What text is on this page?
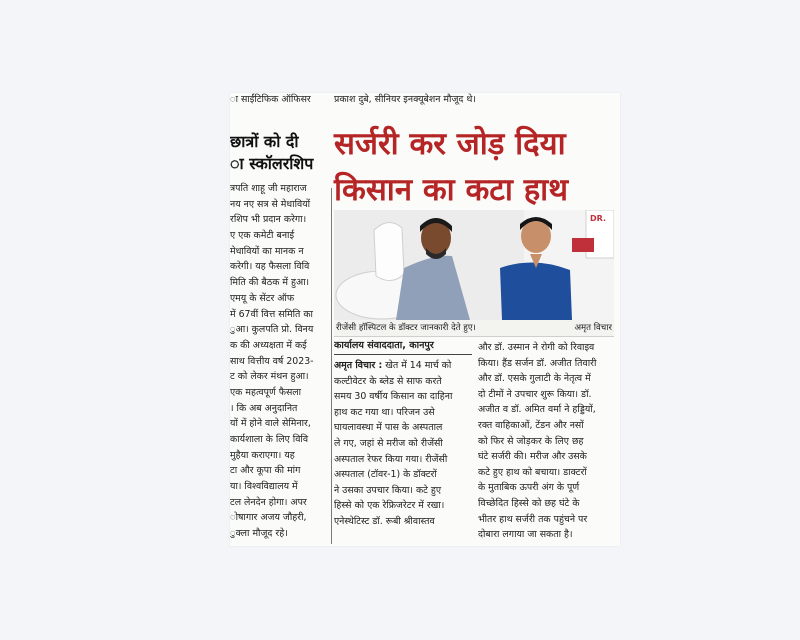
ा साईंटिफिक ऑफिसर
छात्रों को दी
ा स्कॉलरशिप
त्रपति शाहू जी महाराज
नय नए सत्र से मेधावियों
रशिप भी प्रदान करेगा।
ए एक कमेटी बनाई
मेधावियों का मानक न
करेगी। यह फैसला विवि
मिति की बैठक में हुआ।
एमयू के सेंटर ऑफ
में 67वीं वित्त समिति का
ुआ। कुलपति प्रो. विनय
क की अध्यक्षता में कई
साथ वित्तीय वर्ष 2023-
ट को लेकर मंथन हुआ।
एक महत्वपूर्ण फैसला
। कि अब अनुदानित
यों में होने वाले सेमिनार,
कार्यशाला के लिए विवि
मुहैया कराएगा। यह
टा और कूपा की मांग
या। विश्वविद्यालय में
टल लेनदेन होगा। अपर
ोषागार अजय जौहरी,
ुक्ला मौजूद रहे।
प्रकाश दुबे, सीनियर इनक्यूबेशन मौजूद थे।
सर्जरी कर जोड़ दिया
किसान का कटा हाथ
DR.
रीजेंसी हॉस्पिटल के डॉक्टर जानकारी देते हुए।	अमृत विचार
कार्यालय संवाददाता, कानपुर
अमृत विचार : खेत में 14 मार्च को
कल्टीवेटर के ब्लेड से साफ करते
समय 30 वर्षीय किसान का दाहिना
हाथ कट गया था। परिजन उसे
घायलावस्था में पास के अस्पताल
ले गए, जहां से मरीज को रीजेंसी
अस्पताल रेफर किया गया। रीजेंसी
अस्पताल (टॉवर-1) के डॉक्टरों
ने उसका उपचार किया। कटे हुए
हिस्से को एक रेफ्रिजरेटर में रखा।
एनेस्थेटिस्ट डॉ. रूबी श्रीवास्तव
और डॉ. उस्मान ने रोगी को रिवाइव
किया। हैंड सर्जन डॉ. अजीत तिवारी
और डॉ. एसके गुलाटी के नेतृत्व में
दो टीमों ने उपचार शुरू किया। डॉ.
अजीत व डॉ. अमित वर्मा ने हड्डियों,
रक्त वाहिकाओं, टेंडन और नसों
को फिर से जोड़कर के लिए छह
घंटे सर्जरी की। मरीज और उसके
कटे हुए हाथ को बचाया। डाक्टरों
के मुताबिक ऊपरी अंग के पूर्ण
विच्छेदित हिस्से को छह घंटे के
भीतर हाथ सर्जरी तक पहुंचने पर
दोबारा लगाया जा सकता है।
